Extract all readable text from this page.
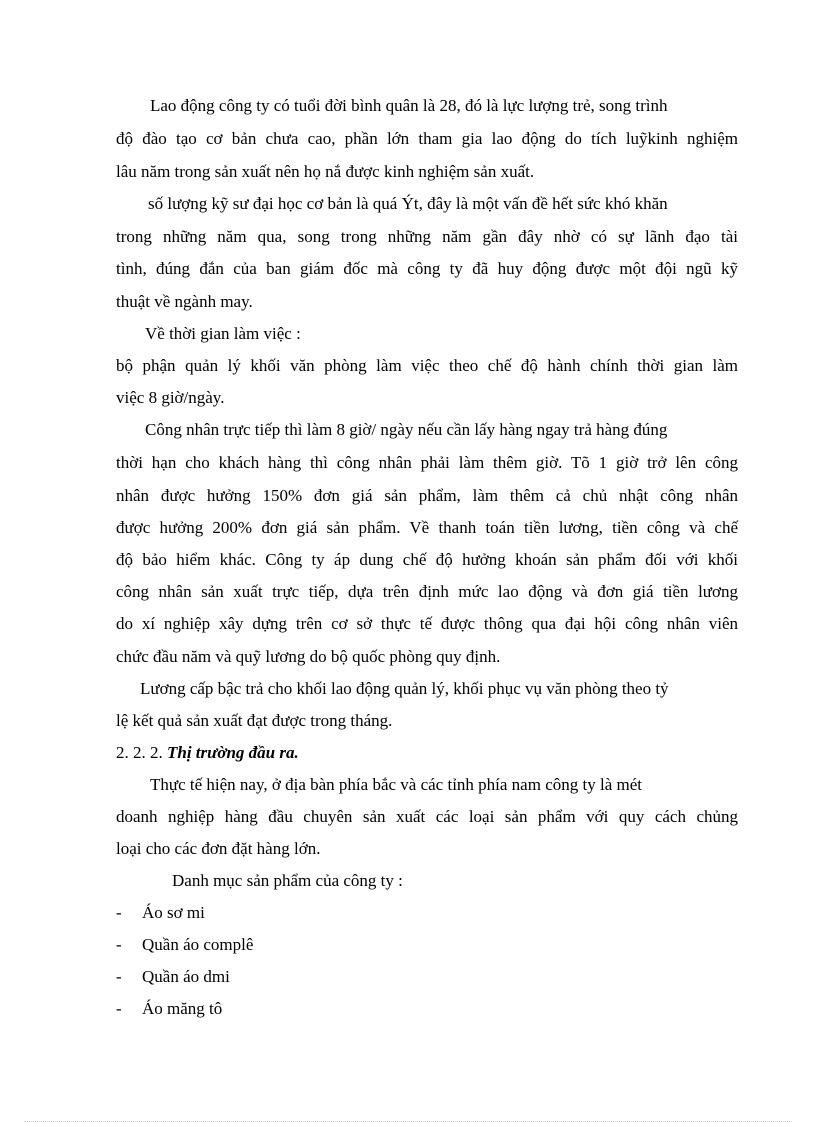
Lao động công ty có tuổi đời bình quân là 28, đó là lực lượng trẻ, song trình
độ đào tạo cơ bản chưa cao, phần lớn tham gia lao động do tích luỹkinh nghiệm
lâu năm trong sản xuất nên họ nắ được kinh nghiệm sản xuất.
số lượng kỹ sư đại học cơ bản là quá Ýt, đây là một vấn đề hết sức khó khăn
trong những năm qua, song trong những năm gần đây nhờ có sự lãnh đạo tài
tình, đúng đắn của ban giám đốc mà công ty đã huy động được một đội ngũ kỹ
thuật về ngành may.
Về thời gian làm việc :
bộ phận quản lý khối văn phòng làm việc theo chế độ hành chính thời gian làm
việc 8 giờ/ngày.
Công nhân trực tiếp thì làm 8 giờ/ ngày nếu cần lấy hàng ngay trả hàng đúng
thời hạn cho khách hàng thì công nhân phải làm thêm giờ. Tõ 1 giờ trở lên công
nhân được hưởng 150% đơn giá sản phẩm, làm thêm cả chủ nhật công nhân
được hưởng 200% đơn giá sản phẩm. Về thanh toán tiền lương, tiền công và chế
độ bảo hiểm khác. Công ty áp dung chế độ hưởng khoán sản phẩm đối với khối
công nhân sản xuất trực tiếp, dựa trên định mức lao động và đơn giá tiền lương
do xí nghiệp xây dựng trên cơ sở thực tế được thông qua đại hội công nhân viên
chức đầu năm và quỹ lương do bộ quốc phòng quy định.
Lương cấp bậc trả cho khối lao động quản lý, khối phục vụ văn phòng theo tỷ
lệ kết quả sản xuất đạt được trong tháng.
2. 2. 2. Thị trường đầu ra.
Thực tế hiện nay, ở địa bàn phía bắc và các tỉnh phía nam công ty là mét
doanh nghiệp hàng đầu chuyên sản xuất các loại sản phẩm với quy cách chủng
loại cho các đơn đặt hàng lớn.
Danh mục sản phẩm của công ty :
- Áo sơ mi
- Quần áo complê
- Quần áo dmi
- Áo măng tô
